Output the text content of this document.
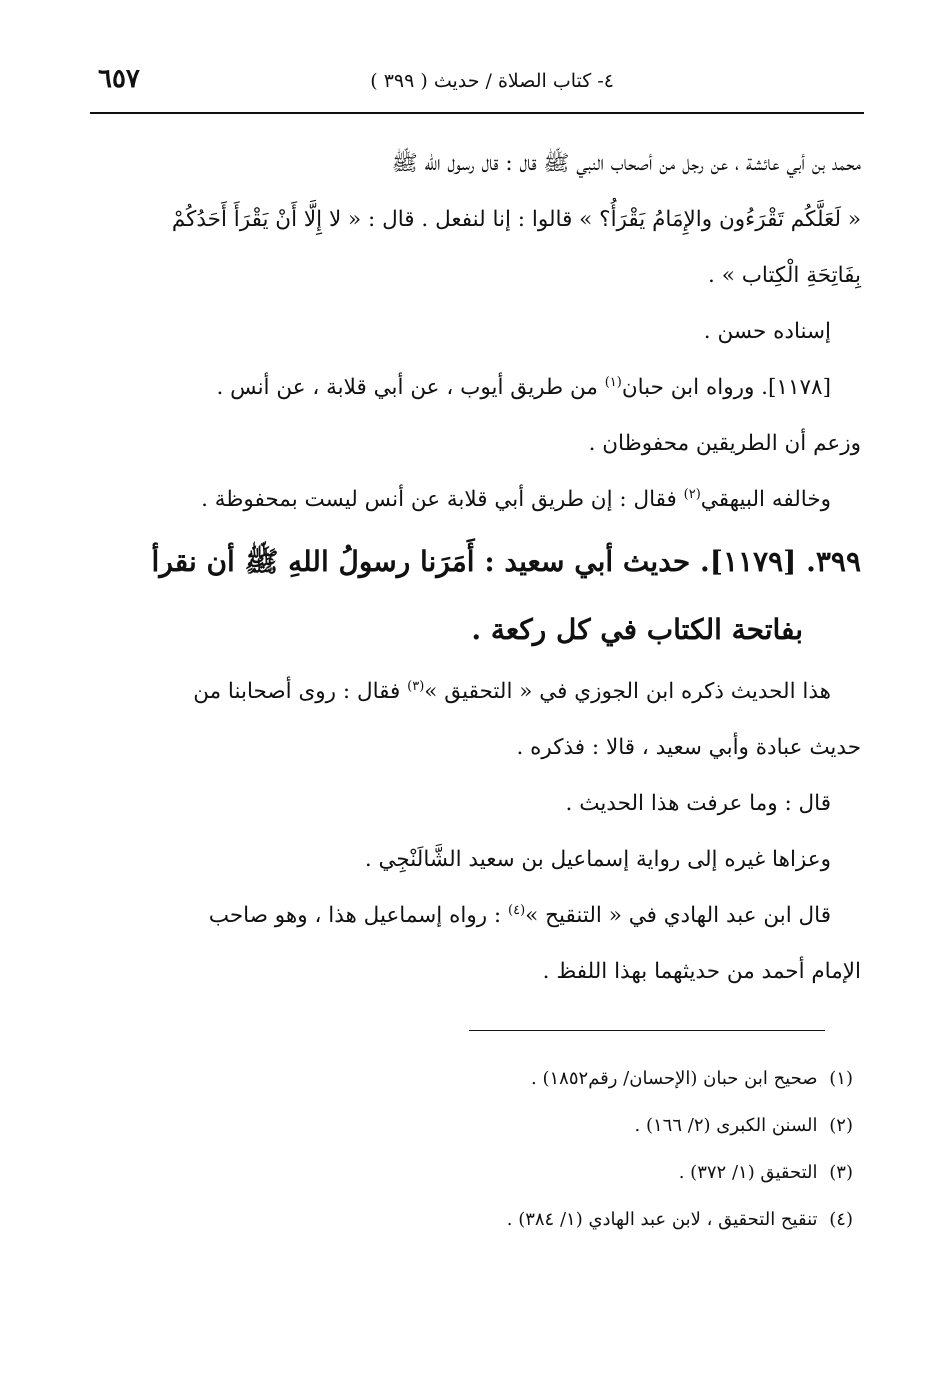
٦٥٧	٤- كتاب الصلاة / حديث ( ٣٩٩ )
محمد بن أبي عائشة ، عن رجل من أصحاب النبي ﷺ قال : قال رسول الله ﷺ
« لَعَلَّكُم تَقْرَءُون والإِمَامُ يَقْرَأُ؟ » قالوا : إنا لنفعل . قال : « لا إِلَّا أَنْ يَقْرَأَ أَحَدُكُمْ
بِفَاتِحَةِ الْكِتاب » .
إسناده حسن .
[١١٧٨]. ورواه ابن حبان$^{(١)}$ من طريق أيوب ، عن أبي قلابة ، عن أنس .
وزعم أن الطريقين محفوظان .
وخالفه البيهقي$^{(٢)}$ فقال : إن طريق أبي قلابة عن أنس ليست بمحفوظة .
٣٩٩. [١١٧٩]. حديث أبي سعيد : أَمَرَنا رسولُ اللهِ ﷺ أن نقرأ
بفاتحة الكتاب في كل ركعة .
هذا الحديث ذكره ابن الجوزي في « التحقيق »$^{(٣)}$ فقال : روى أصحابنا من
حديث عبادة وأبي سعيد ، قالا : فذكره .
قال : وما عرفت هذا الحديث .
وعزاها غيره إلى رواية إسماعيل بن سعيد الشَّالَنْجِي .
قال ابن عبد الهادي في « التنقيح »$^{(٤)}$ : رواه إسماعيل هذا ، وهو صاحب
الإمام أحمد من حديثهما بهذا اللفظ .
(١) صحيح ابن حبان (الإحسان/ رقم١٨٥٢) .
(٢) السنن الكبرى (٢/ ١٦٦) .
(٣) التحقيق (١/ ٣٧٢) .
(٤) تنقيح التحقيق ، لابن عبد الهادي (١/ ٣٨٤) .
